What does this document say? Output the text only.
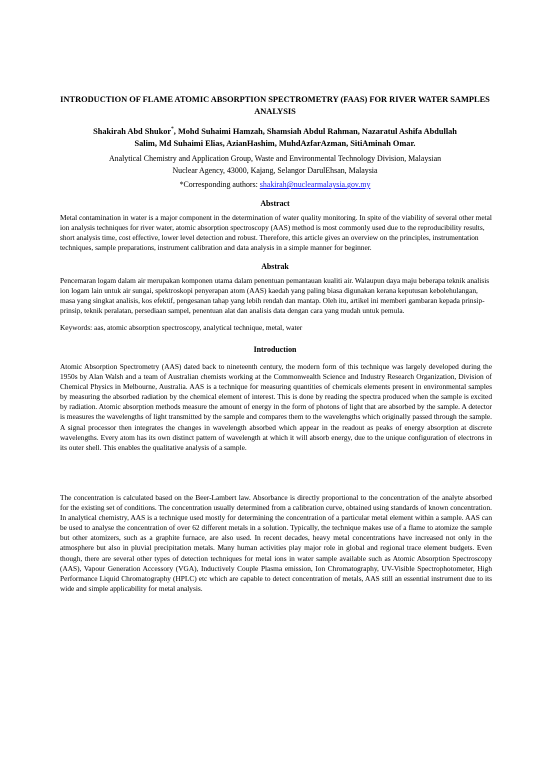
INTRODUCTION OF FLAME ATOMIC ABSORPTION SPECTROMETRY (FAAS) FOR RIVER WATER SAMPLES ANALYSIS
Shakirah Abd Shukor*, Mohd Suhaimi Hamzah, Shamsiah Abdul Rahman, Nazaratul Ashifa Abdullah
Salim, Md Suhaimi Elias, AzianHashim, MuhdAzfarAzman, SitiAminah Omar.
Analytical Chemistry and Application Group, Waste and Environmental Technology Division, Malaysian
Nuclear Agency, 43000, Kajang, Selangor DarulEhsan, Malaysia
*Corresponding authors: shakirah@nuclearmalaysia.gov.my
Abstract

Metal contamination in water is a major component in the determination of water quality monitoring. In spite of the viability of several other metal ion analysis techniques for river water, atomic absorption spectroscopy (AAS) method is most commonly used due to the reproducibility results, short analysis time, cost effective, lower level detection and robust. Therefore, this article gives an overview on the principles, instrumentation techniques, sample preparations, instrument calibration and data analysis in a simple manner for beginner.

Abstrak

Pencemaran logam dalam air merupakan komponen utama dalam penentuan pemantauan kualiti air. Walaupun daya maju beberapa teknik analisis ion logam lain untuk air sungai, spektroskopi penyerapan atom (AAS) kaedah yang paling biasa digunakan kerana keputusan kebolehulangan, masa yang singkat analisis, kos efektif, pengesanan tahap yang lebih rendah dan mantap. Oleh itu, artikel ini memberi gambaran kepada prinsip-prinsip, teknik peralatan, persediaan sampel, penentuan alat dan analisis data dengan cara yang mudah untuk pemula.

Keywords: aas, atomic absorption spectroscopy, analytical technique, metal, water
Introduction

Atomic Absorption Spectrometry (AAS) dated back to nineteenth century, the modern form of this technique was largely developed during the 1950s by Alan Walsh and a team of Australian chemists working at the Commonwealth Science and Industry Research Organization, Division of Chemical Physics in Melbourne, Australia. AAS is a technique for measuring quantities of chemicals elements present in environmental samples by measuring the absorbed radiation by the chemical element of interest. This is done by reading the spectra produced when the sample is excited by radiation. Atomic absorption methods measure the amount of energy in the form of photons of light that are absorbed by the sample. A detector is measures the wavelengths of light transmitted by the sample and compares them to the wavelengths which originally passed through the sample. A signal processor then integrates the changes in wavelength absorbed which appear in the readout as peaks of energy absorption at discrete wavelengths. Every atom has its own distinct pattern of wavelength at which it will absorb energy, due to the unique configuration of electrons in its outer shell. This enables the qualitative analysis of a sample.

The concentration is calculated based on the Beer-Lambert law. Absorbance is directly proportional to the concentration of the analyte absorbed for the existing set of conditions. The concentration usually determined from a calibration curve, obtained using standards of known concentration. In analytical chemistry, AAS is a technique used mostly for determining the concentration of a particular metal element within a sample. AAS can be used to analyse the concentration of over 62 different metals in a solution. Typically, the technique makes use of a flame to atomize the sample but other atomizers, such as a graphite furnace, are also used. In recent decades, heavy metal concentrations have increased not only in the atmosphere but also in pluvial precipitation metals. Many human activities play major role in global and regional trace element budgets. Even though, there are several other types of detection techniques for metal ions in water sample available such as Atomic Absorption Spectroscopy (AAS), Vapour Generation Accessory (VGA), Inductively Couple Plasma emission, Ion Chromatography, UV-Visible Spectrophotometer, High Performance Liquid Chromatography (HPLC) etc which are capable to detect concentration of metals, AAS still an essential instrument due to its wide and simple applicability for metal analysis.
